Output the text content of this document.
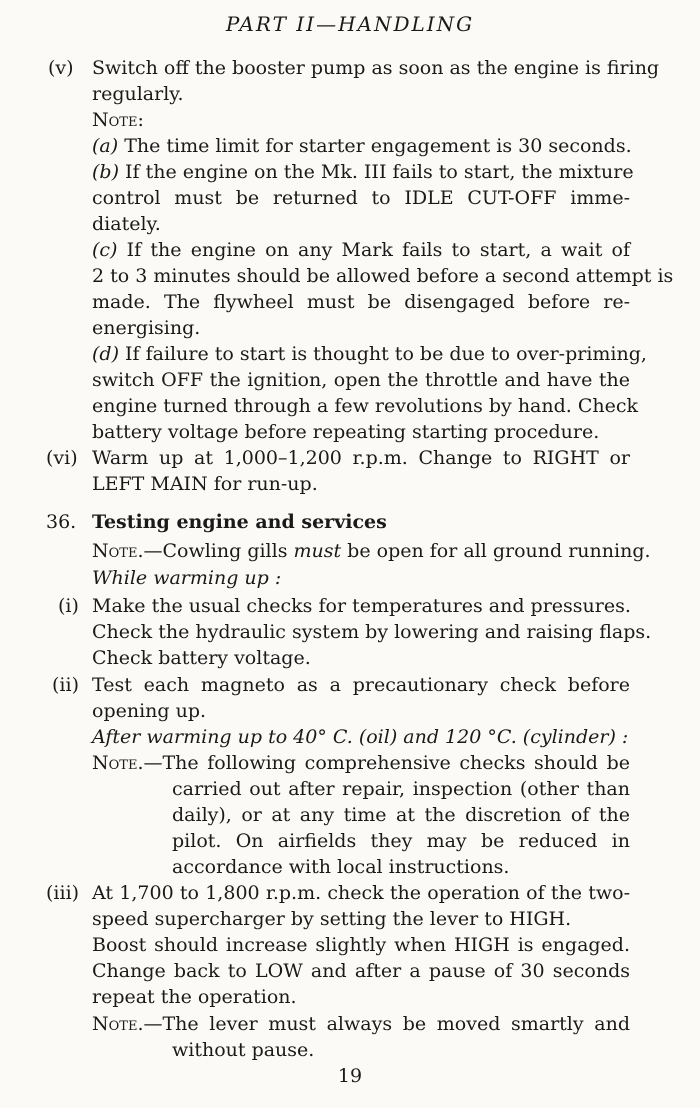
PART II—HANDLING
(v) Switch off the booster pump as soon as the engine is firing
regularly.
Note:
(a) The time limit for starter engagement is 30 seconds.
(b) If the engine on the Mk. III fails to start, the mixture
control must be returned to IDLE CUT-OFF imme-
diately.
(c) If the engine on any Mark fails to start, a wait of
2 to 3 minutes should be allowed before a second attempt is
made. The flywheel must be disengaged before re-
energising.
(d) If failure to start is thought to be due to over-priming,
switch OFF the ignition, open the throttle and have the
engine turned through a few revolutions by hand. Check
battery voltage before repeating starting procedure.
(vi) Warm up at 1,000–1,200 r.p.m. Change to RIGHT or
LEFT MAIN for run-up.
36. Testing engine and services
Note.—Cowling gills must be open for all ground running.
While warming up :
(i) Make the usual checks for temperatures and pressures.
Check the hydraulic system by lowering and raising flaps.
Check battery voltage.
(ii) Test each magneto as a precautionary check before
opening up.
After warming up to 40° C. (oil) and 120 °C. (cylinder) :
Note.—The following comprehensive checks should be
carried out after repair, inspection (other than
daily), or at any time at the discretion of the
pilot. On airfields they may be reduced in
accordance with local instructions.
(iii) At 1,700 to 1,800 r.p.m. check the operation of the two-
speed supercharger by setting the lever to HIGH.
Boost should increase slightly when HIGH is engaged.
Change back to LOW and after a pause of 30 seconds
repeat the operation.
Note.—The lever must always be moved smartly and
without pause.
19
